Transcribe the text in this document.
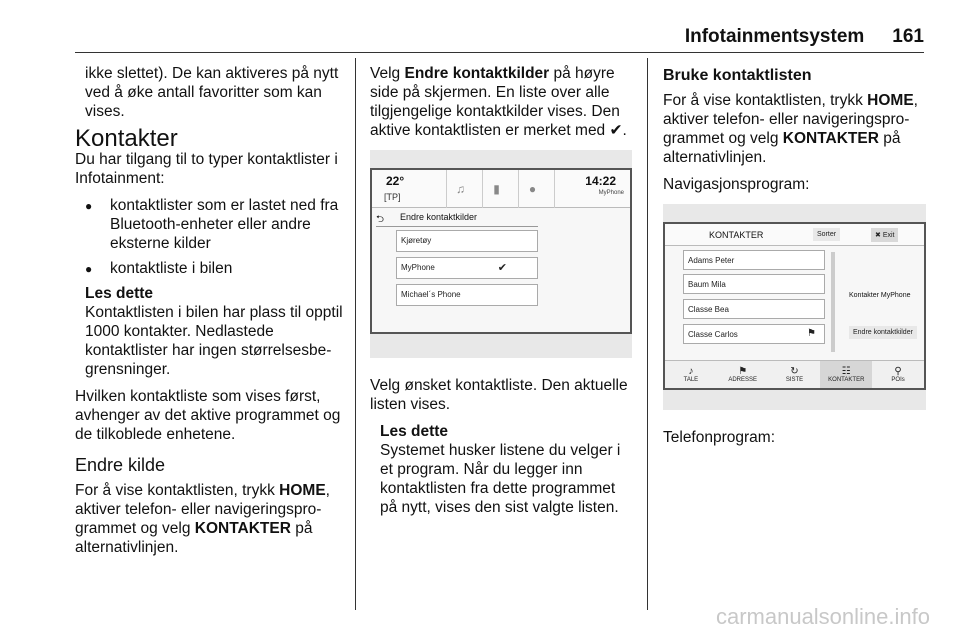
Infotainmentsystem 161

ikke slettet). De kan aktiveres på nytt ved å øke antall favoritter som kan vises.

Kontakter

Du har tilgang til to typer kontaktlister i Infotainment:

● kontaktlister som er lastet ned fra Bluetooth-enheter eller andre eksterne kilder
● kontaktliste i bilen
Les dette
Kontaktlisten i bilen har plass til opptil 1000 kontakter. Nedlastede kontaktlister har ingen størrelsesbe‐ grensninger.

Hvilken kontaktliste som vises først, avhenger av det aktive programmet og de tilkoblede enhetene.

Endre kilde

For å vise kontaktlisten, trykk HOME, aktiver telefon- eller navigeringspro‐ grammet og velg KONTAKTER på alternativlinjen.

Velg Endre kontaktkilder på høyre side på skjermen. En liste over alle tilgjengelige kontaktkilder vises. Den aktive kontaktlisten er merket med ✔.

22°
[TP]
♫	▮	●
14:22
MyPhone
⮌ Endre kontaktkilder
Kjøretøy
MyPhone	✔
Michael´s Phone

Velg ønsket kontaktliste. Den aktuelle listen vises.

Les dette
Systemet husker listene du velger i et program. Når du legger inn kontaktlisten fra dette programmet på nytt, vises den sist valgte listen.
Bruke kontaktlisten

For å vise kontaktlisten, trykk HOME, aktiver telefon- eller navigeringspro‐ grammet og velg KONTAKTER på alternativlinjen.

Navigasjonsprogram:

KONTAKTER	Sorter	✖ Exit
Adams Peter
Baum Mila
Classe Bea
Classe Carlos	⚑
Kontakter MyPhone
Endre kontaktkilder
♪
TALE
⚑
ADRESSE
↻
SISTE
☷
KONTAKTER
⚲
POIs

Telefonprogram:

carmanualsonline.info
